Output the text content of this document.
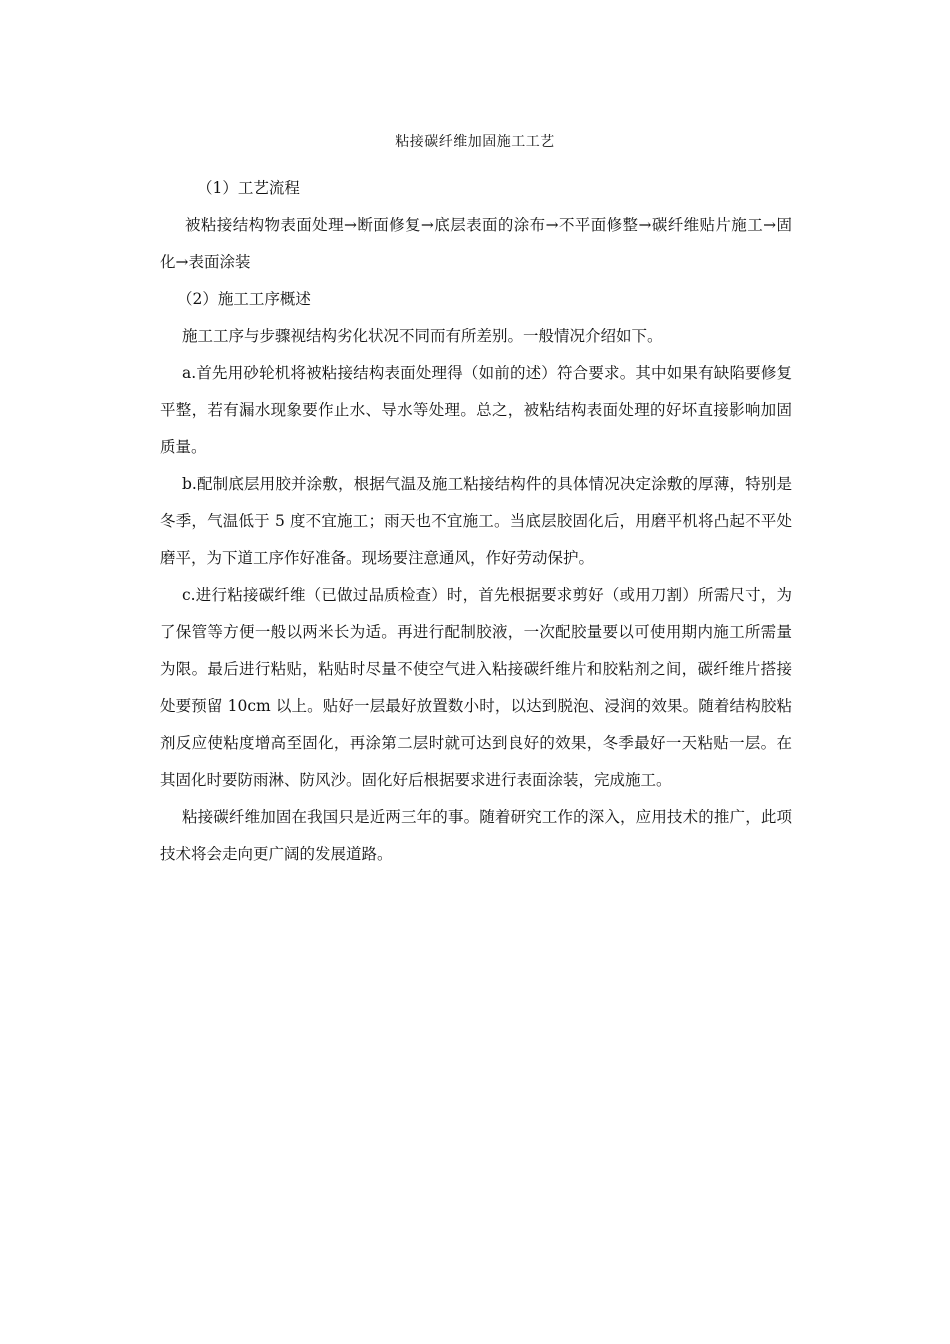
粘接碳纤维加固施工工艺

（1）工艺流程

被粘接结构物表面处理→断面修复→底层表面的涂布→不平面修整→碳纤维贴片施工→固化→表面涂装

（2）施工工序概述

施工工序与步骤视结构劣化状况不同而有所差别。一般情况介绍如下。

a.首先用砂轮机将被粘接结构表面处理得（如前的述）符合要求。其中如果有缺陷要修复平整，若有漏水现象要作止水、导水等处理。总之，被粘结构表面处理的好坏直接影响加固质量。

b.配制底层用胶并涂敷，根据气温及施工粘接结构件的具体情况决定涂敷的厚薄，特别是冬季，气温低于 5 度不宜施工；雨天也不宜施工。当底层胶固化后，用磨平机将凸起不平处磨平，为下道工序作好准备。现场要注意通风，作好劳动保护。

c.进行粘接碳纤维（已做过品质检查）时，首先根据要求剪好（或用刀割）所需尺寸，为了保管等方便一般以两米长为适。再进行配制胶液，一次配胶量要以可使用期内施工所需量为限。最后进行粘贴，粘贴时尽量不使空气进入粘接碳纤维片和胶粘剂之间，碳纤维片搭接处要预留 10cm 以上。贴好一层最好放置数小时，以达到脱泡、浸润的效果。随着结构胶粘剂反应使粘度增高至固化，再涂第二层时就可达到良好的效果，冬季最好一天粘贴一层。在其固化时要防雨淋、防风沙。固化好后根据要求进行表面涂装，完成施工。

粘接碳纤维加固在我国只是近两三年的事。随着研究工作的深入，应用技术的推广，此项技术将会走向更广阔的发展道路。
